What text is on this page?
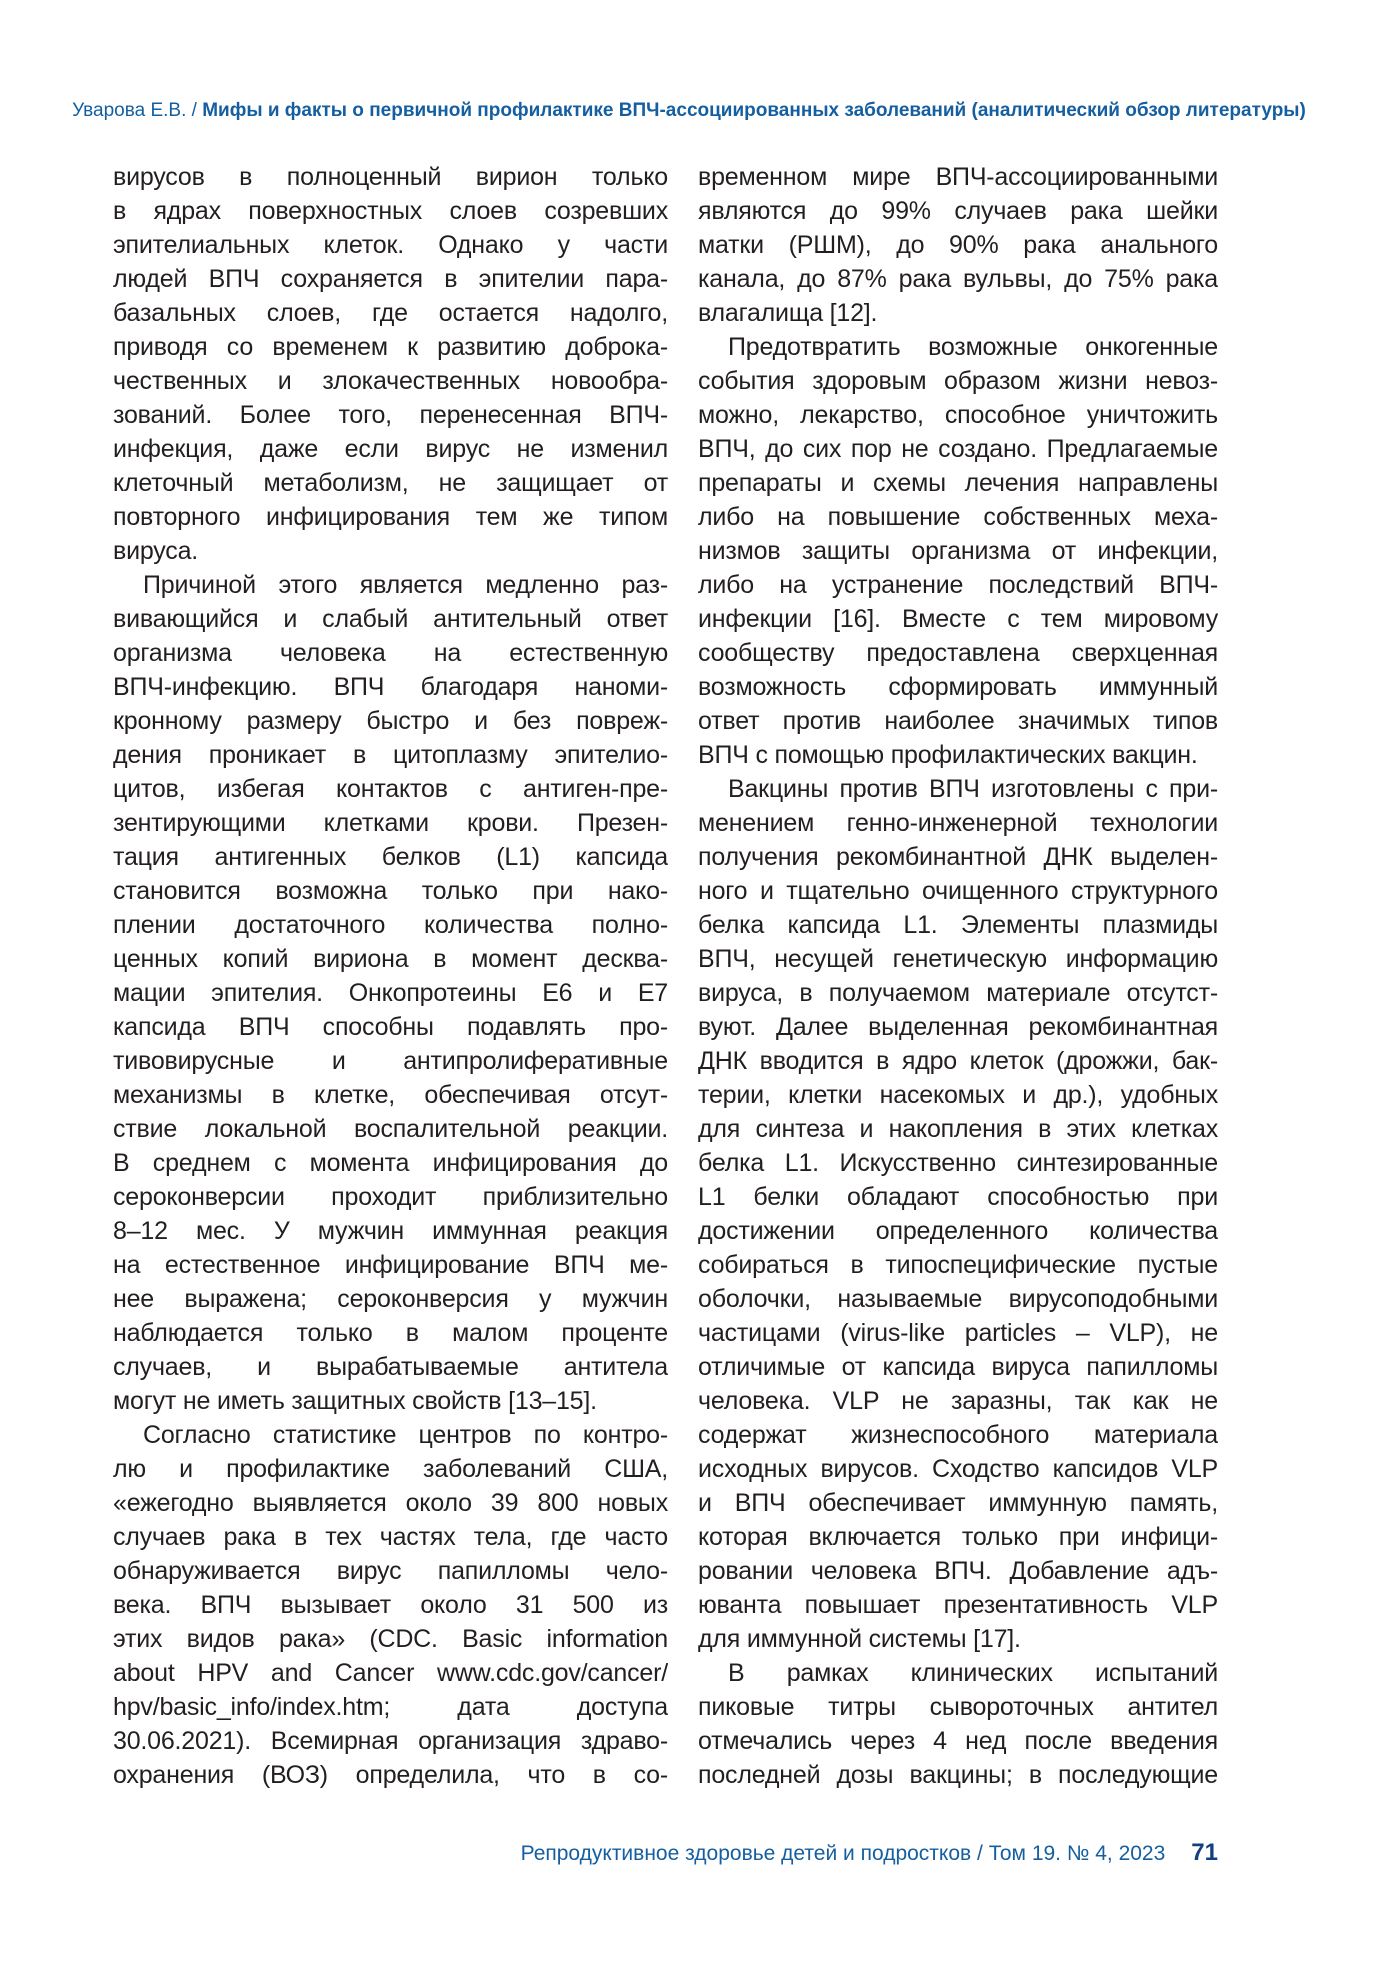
Уварова Е.В. / Мифы и факты о первичной профилактике ВПЧ-ассоциированных заболеваний (аналитический обзор литературы)
вирусов в полноценный вирион только
в ядрах поверхностных слоев созревших
эпителиальных клеток. Однако у части
людей ВПЧ сохраняется в эпителии пара-
базальных слоев, где остается надолго,
приводя со временем к развитию доброка-
чественных и злокачественных новообра-
зований. Более того, перенесенная ВПЧ-
инфекция, даже если вирус не изменил
клеточный метаболизм, не защищает от
повторного инфицирования тем же типом
вируса.
Причиной этого является медленно раз-
вивающийся и слабый антительный ответ
организма человека на естественную
ВПЧ-инфекцию. ВПЧ благодаря наноми-
кронному размеру быстро и без повреж-
дения проникает в цитоплазму эпителио-
цитов, избегая контактов с антиген-пре-
зентирующими клетками крови. Презен-
тация антигенных белков (L1) капсида
становится возможна только при нако-
плении достаточного количества полно-
ценных копий вириона в момент десква-
мации эпителия. Онкопротеины Е6 и Е7
капсида ВПЧ способны подавлять про-
тивовирусные и антипролиферативные
механизмы в клетке, обеспечивая отсут-
ствие локальной воспалительной реакции.
В среднем с момента инфицирования до
сероконверсии проходит приблизительно
8–12 мес. У мужчин иммунная реакция
на естественное инфицирование ВПЧ ме-
нее выражена; сероконверсия у мужчин
наблюдается только в малом проценте
случаев, и вырабатываемые антитела
могут не иметь защитных свойств [13–15].
Согласно статистике центров по контро-
лю и профилактике заболеваний США,
«ежегодно выявляется около 39 800 новых
случаев рака в тех частях тела, где часто
обнаруживается вирус папилломы чело-
века. ВПЧ вызывает около 31 500 из
этих видов рака» (CDC. Basic information
about HPV and Cancer www.cdc.gov/cancer/
hpv/basic_info/index.htm; дата доступа
30.06.2021). Всемирная организация здраво-
охранения (ВОЗ) определила, что в со-
временном мире ВПЧ-ассоциированными
являются до 99% случаев рака шейки
матки (РШМ), до 90% рака анального
канала, до 87% рака вульвы, до 75% рака
влагалища [12].
Предотвратить возможные онкогенные
события здоровым образом жизни невоз-
можно, лекарство, способное уничтожить
ВПЧ, до сих пор не создано. Предлагаемые
препараты и схемы лечения направлены
либо на повышение собственных меха-
низмов защиты организма от инфекции,
либо на устранение последствий ВПЧ-
инфекции [16]. Вместе с тем мировому
сообществу предоставлена сверхценная
возможность сформировать иммунный
ответ против наиболее значимых типов
ВПЧ с помощью профилактических вакцин.
Вакцины против ВПЧ изготовлены с при-
менением генно-инженерной технологии
получения рекомбинантной ДНК выделен-
ного и тщательно очищенного структурного
белка капсида L1. Элементы плазмиды
ВПЧ, несущей генетическую информацию
вируса, в получаемом материале отсутст-
вуют. Далее выделенная рекомбинантная
ДНК вводится в ядро клеток (дрожжи, бак-
терии, клетки насекомых и др.), удобных
для синтеза и накопления в этих клетках
белка L1. Искусственно синтезированные
L1 белки обладают способностью при
достижении определенного количества
собираться в типоспецифические пустые
оболочки, называемые вирусоподобными
частицами (virus-like particles – VLP), не
отличимые от капсида вируса папилломы
человека. VLP не заразны, так как не
содержат жизнеспособного материала
исходных вирусов. Сходство капсидов VLP
и ВПЧ обеспечивает иммунную память,
которая включается только при инфици-
ровании человека ВПЧ. Добавление адъ-
юванта повышает презентативность VLP
для иммунной системы [17].
В рамках клинических испытаний
пиковые титры сывороточных антител
отмечались через 4 нед после введения
последней дозы вакцины; в последующие
Репродуктивное здоровье детей и подростков / Том 19. № 4, 2023 71
